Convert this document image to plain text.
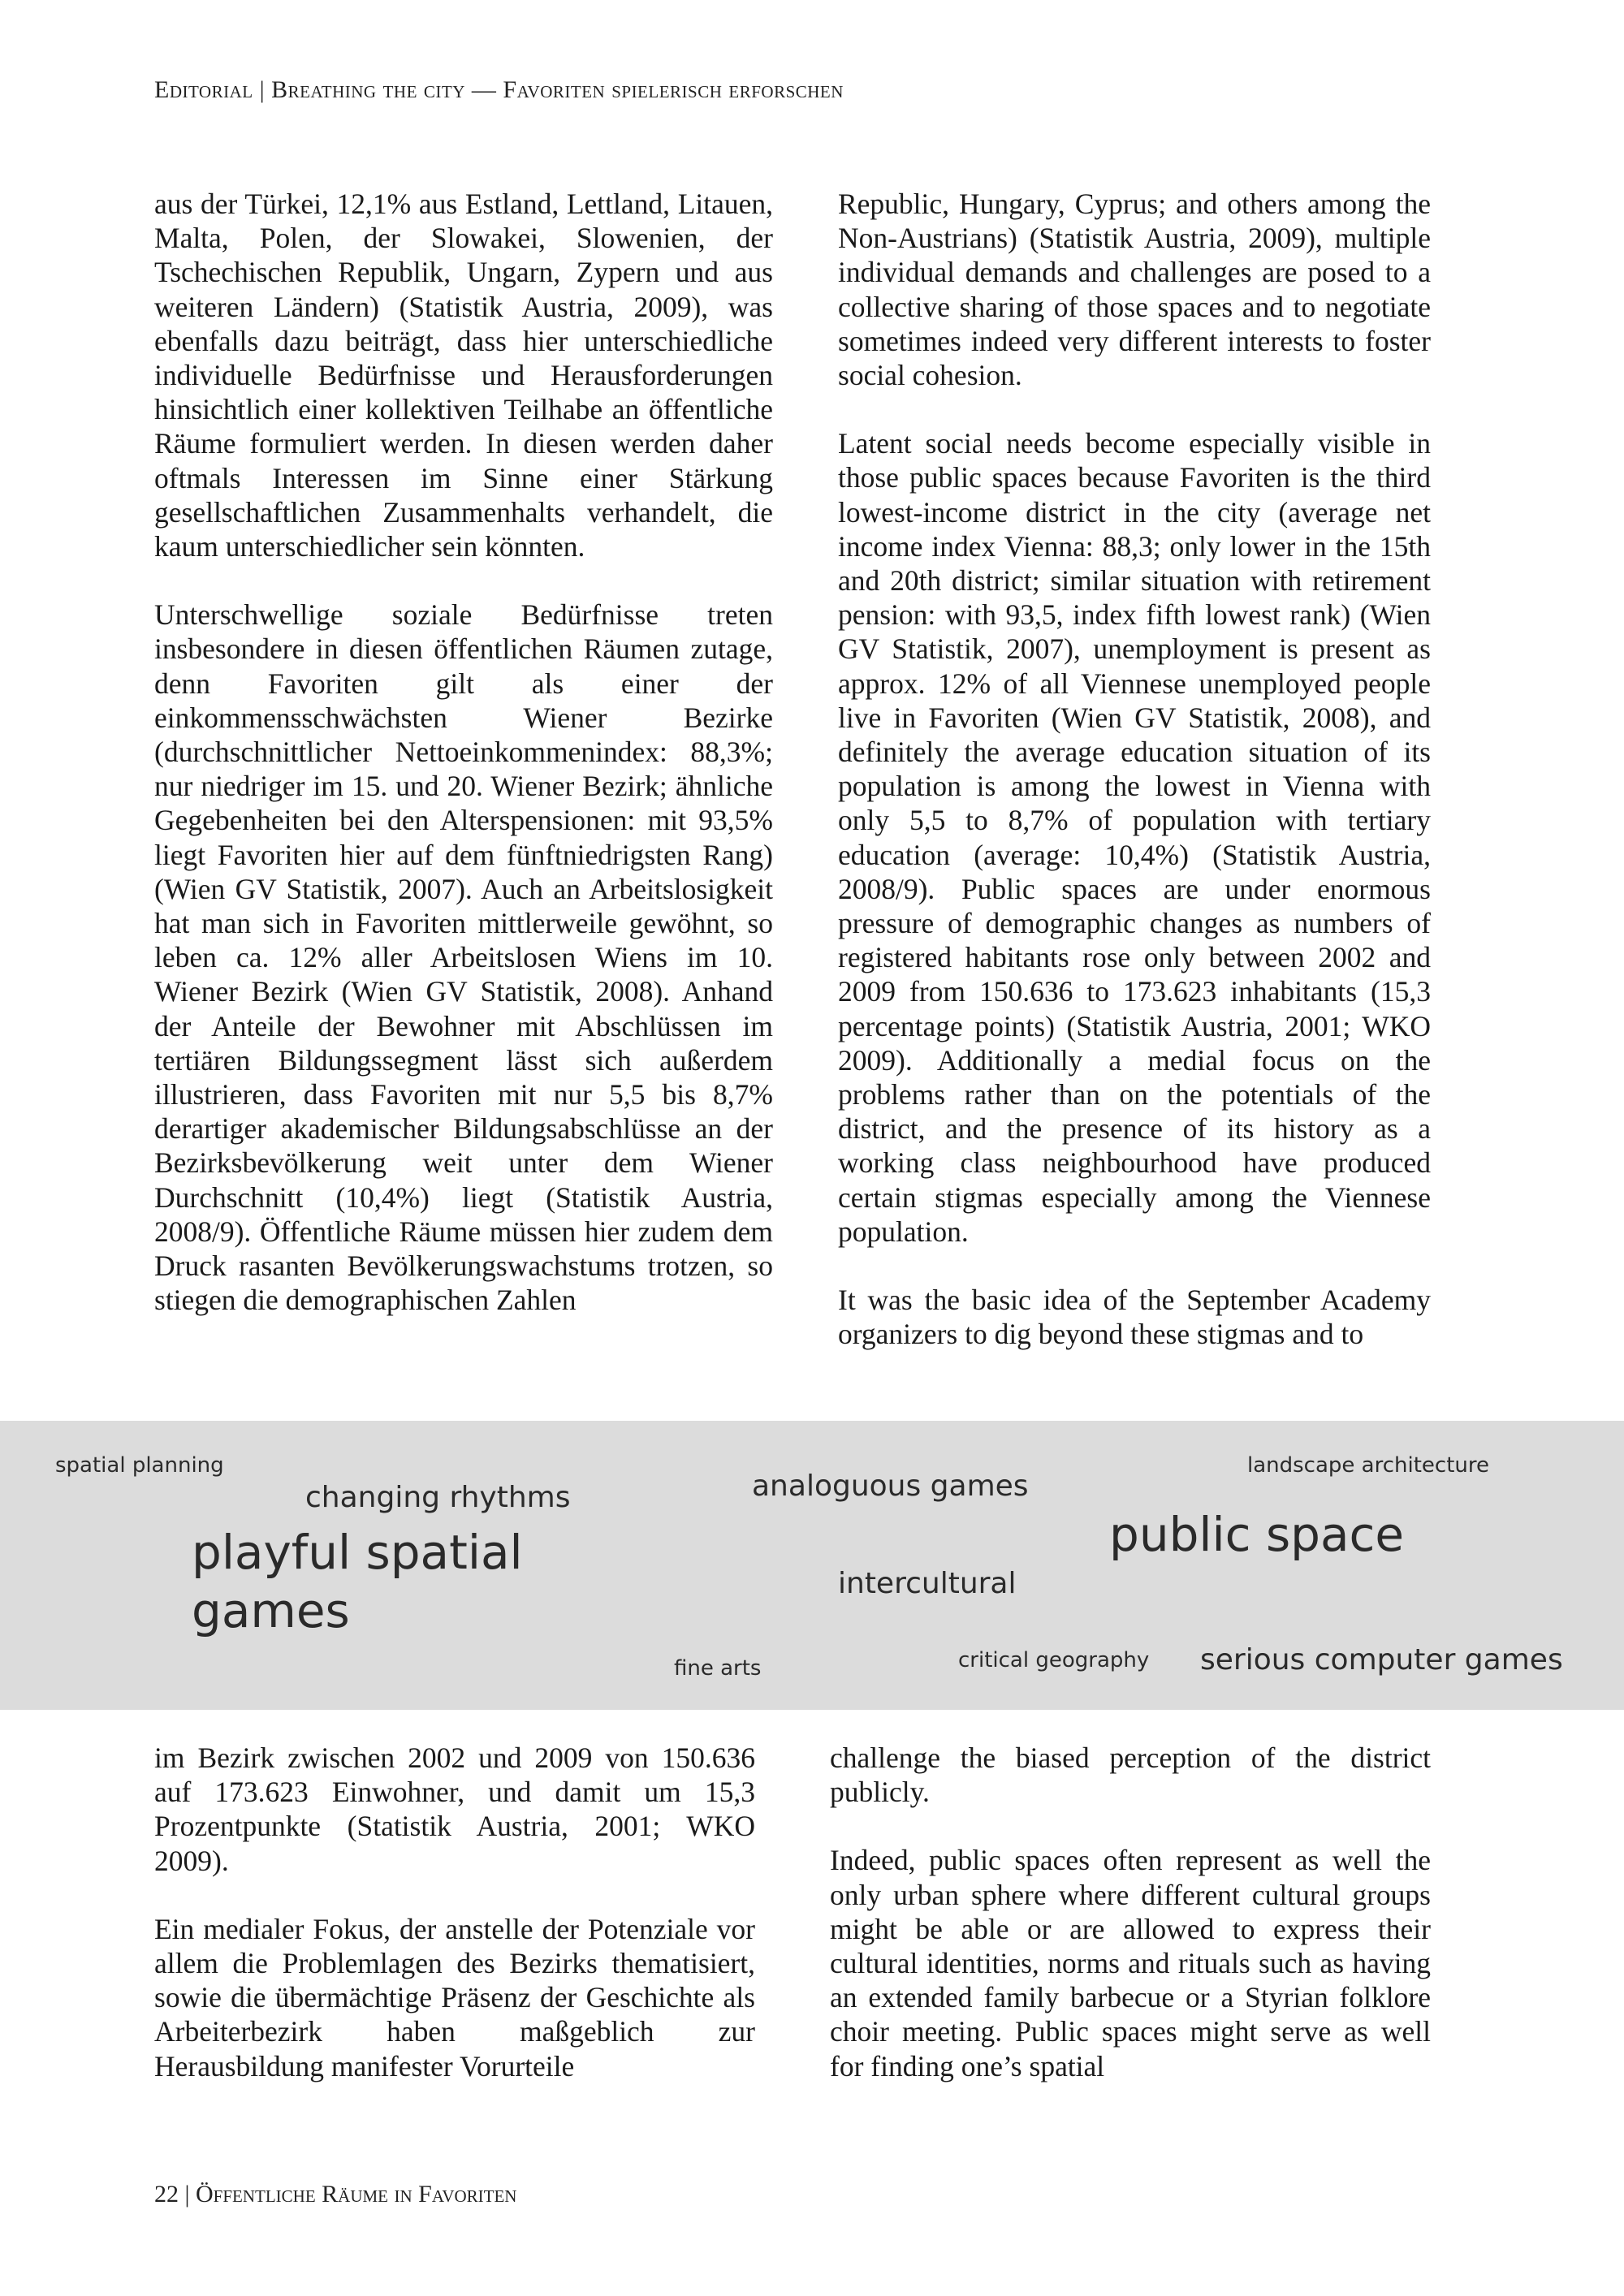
Editorial | Breathing the city — Favoriten spielerisch erforschen

aus der Türkei, 12,1% aus Estland, Lettland, Litauen, Malta, Polen, der Slowakei, Slowenien, der Tschechischen Republik, Ungarn, Zypern und aus weiteren Ländern) (Statistik Austria, 2009), was ebenfalls dazu beiträgt, dass hier unterschiedliche individuelle Bedürfnisse und Herausforderungen hinsichtlich einer kollektiven Teilhabe an öffentliche Räume formuliert werden. In diesen werden daher oftmals Interessen im Sinne einer Stärkung gesellschaftlichen Zusammenhalts verhandelt, die kaum unterschiedlicher sein könnten.

Unterschwellige soziale Bedürfnisse treten insbesondere in diesen öffentlichen Räumen zutage, denn Favoriten gilt als einer der einkommensschwächsten Wiener Bezirke (durchschnittlicher Nettoeinkommenindex: 88,3%; nur niedriger im 15. und 20. Wiener Bezirk; ähnliche Gegebenheiten bei den Alterspensionen: mit 93,5% liegt Favoriten hier auf dem fünftniedrigsten Rang) (Wien GV Statistik, 2007). Auch an Arbeitslosigkeit hat man sich in Favoriten mittlerweile gewöhnt, so leben ca. 12% aller Arbeitslosen Wiens im 10. Wiener Bezirk (Wien GV Statistik, 2008). Anhand der Anteile der Bewohner mit Abschlüssen im tertiären Bildungssegment lässt sich außerdem illustrieren, dass Favoriten mit nur 5,5 bis 8,7% derartiger akademischer Bildungsabschlüsse an der Bezirksbevölkerung weit unter dem Wiener Durchschnitt (10,4%) liegt (Statistik Austria, 2008/9). Öffentliche Räume müssen hier zudem dem Druck rasanten Bevölkerungswachstums trotzen, so stiegen die demographischen Zahlen

Republic, Hungary, Cyprus; and others among the Non-Austrians) (Statistik Austria, 2009), multiple individual demands and challenges are posed to a collective sharing of those spaces and to negotiate sometimes indeed very different interests to foster social cohesion.

Latent social needs become especially visible in those public spaces because Favoriten is the third lowest-income district in the city (average net income index Vienna: 88,3; only lower in the 15th and 20th district; similar situation with retirement pension: with 93,5, index fifth lowest rank) (Wien GV Statistik, 2007), unemployment is present as approx. 12% of all Viennese unemployed people live in Favoriten (Wien GV Statistik, 2008), and definitely the average education situation of its population is among the lowest in Vienna with only 5,5 to 8,7% of population with tertiary education (average: 10,4%) (Statistik Austria, 2008/9). Public spaces are under enormous pressure of demographic changes as numbers of registered habitants rose only between 2002 and 2009 from 150.636 to 173.623 inhabitants (15,3 percentage points) (Statistik Austria, 2001; WKO 2009). Additionally a medial focus on the problems rather than on the potentials of the district, and the presence of its history as a working class neighbourhood have produced certain stigmas especially among the Viennese population.

It was the basic idea of the September Academy organizers to dig beyond these stigmas and to

spatial planning
changing rhythms	analoguous games
landscape architecture
public space
playful spatial
games	intercultural
fine arts	critical geography serious computer games

im Bezirk zwischen 2002 und 2009 von 150.636 auf 173.623 Einwohner, und damit um 15,3 Prozentpunkte (Statistik Austria, 2001; WKO 2009).

Ein medialer Fokus, der anstelle der Potenziale vor allem die Problemlagen des Bezirks thematisiert, sowie die übermächtige Präsenz der Geschichte als Arbeiterbezirk haben maßgeblich zur Herausbildung manifester Vorurteile

challenge the biased perception of the district publicly.

Indeed, public spaces often represent as well the only urban sphere where different cultural groups might be able or are allowed to express their cultural identities, norms and rituals such as having an extended family barbecue or a Styrian folklore choir meeting. Public spaces might serve as well for finding one’s spatial

22 | Öffentliche Räume in Favoriten
